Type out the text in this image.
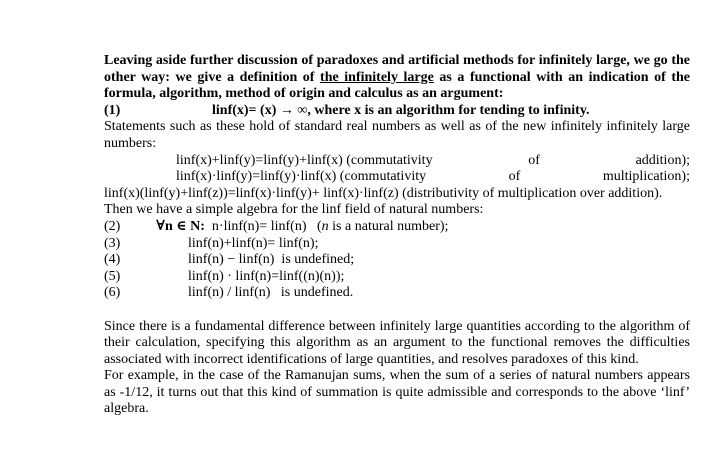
Leaving aside further discussion of paradoxes and artificial methods for infinitely large, we go the other way: we give a definition of the infinitely large as a functional with an indication of the formula, algorithm, method of origin and calculus as an argument:
(1)	linf(x)= (x) → ∞, where x is an algorithm for tending to infinity.
Statements such as these hold of standard real numbers as well as of the new infinitely infinitely large numbers:
linf(x)+linf(y)=linf(y)+linf(x) (commutativity	of	addition);
linf(x)·linf(y)=linf(y)·linf(x) (commutativity	of	multiplication);
linf(x)(linf(y)+linf(z))=linf(x)·linf(y)+ linf(x)·linf(z) (distributivity of multiplication over addition).
Then we have a simple algebra for the linf field of natural numbers:
(2)	∀n ∈ N: n·linf(n)= linf(n) (n is a natural number);
(3)	linf(n)+linf(n)= linf(n);
(4)	linf(n) − linf(n)  is undefined;
(5)	linf(n) · linf(n)=linf((n)(n));
(6)	linf(n) / linf(n)   is undefined.
Since there is a fundamental difference between infinitely large quantities according to the algorithm of their calculation, specifying this algorithm as an argument to the functional removes the difficulties associated with incorrect identifications of large quantities, and resolves paradoxes of this kind.
For example, in the case of the Ramanujan sums, when the sum of a series of natural numbers appears as -1/12, it turns out that this kind of summation is quite admissible and corresponds to the above ‘linf’ algebra.
